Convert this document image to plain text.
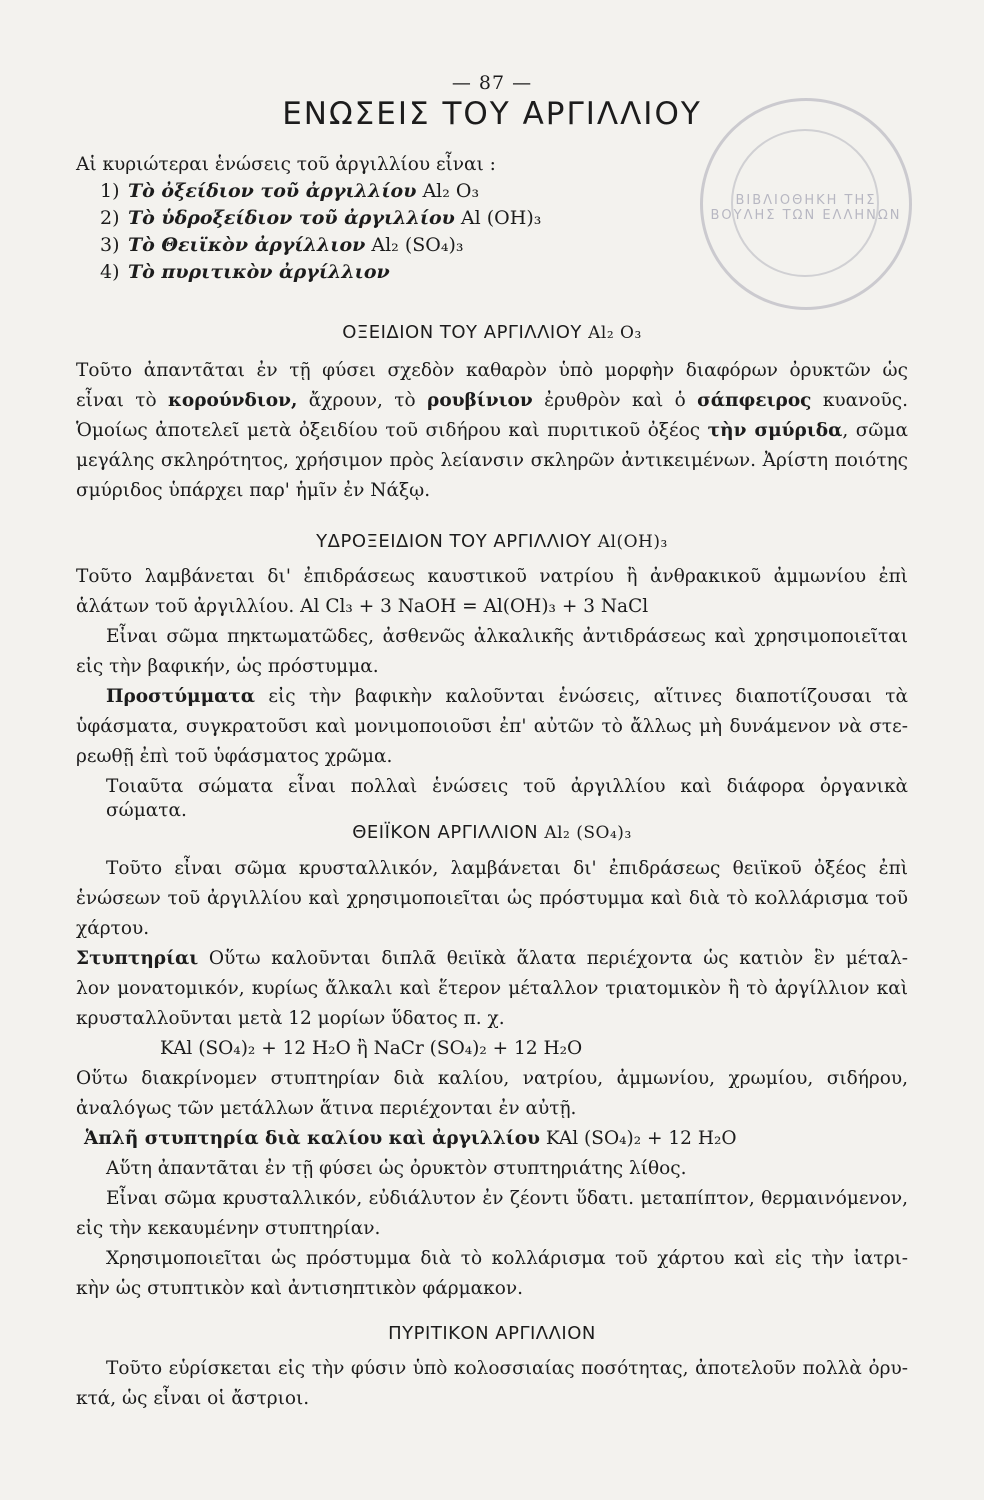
ΒΙΒΛΙΟΘΗΚΗ ΤΗΣ ΒΟΥΛΗΣ ΤΩΝ ΕΛΛΗΝΩΝ
— 87 —
ΕΝΩΣΕΙΣ ΤΟΥ ΑΡΓΙΛΛΙΟΥ
Αἱ κυριώτεραι ἑνώσεις τοῦ ἀργιλλίου εἶναι :
1) Τὸ ὀξείδιον τοῦ ἀργιλλίου Al₂ O₃
2) Τὸ ὑδροξείδιον τοῦ ἀργιλλίου Al (OH)₃
3) Τὸ Θειϊκὸν ἀργίλλιον Al₂ (SO₄)₃
4) Τὸ πυριτικὸν ἀργίλλιον
ΟΞΕΙΔΙΟΝ ΤΟΥ ΑΡΓΙΛΛΙΟΥ Al₂ O₃
Τοῦτο ἀπαντᾶται ἐν τῇ φύσει σχεδὸν καθαρὸν ὑπὸ μορφὴν διαφόρων ὀρυκτῶν ὡς
εἶναι τὸ κορούνδιον, ἄχρουν, τὸ ρουβίνιον ἐρυθρὸν καὶ ὁ σάπφειρος κυανοῦς.
Ὁμοίως ἀποτελεῖ μετὰ ὀξειδίου τοῦ σιδήρου καὶ πυριτικοῦ ὀξέος τὴν σμύριδα, σῶμα
μεγάλης σκληρότητος, χρήσιμον πρὸς λείανσιν σκληρῶν ἀντικειμένων. Ἀρίστη ποιότης
σμύριδος ὑπάρχει παρ' ἡμῖν ἐν Νάξῳ.
ΥΔΡΟΞΕΙΔΙΟΝ ΤΟΥ ΑΡΓΙΛΛΙΟΥ Al(OH)₃
Τοῦτο λαμβάνεται δι' ἐπιδράσεως καυστικοῦ νατρίου ἢ ἀνθρακικοῦ ἀμμωνίου ἐπὶ
ἁλάτων τοῦ ἀργιλλίου. Al Cl₃ + 3 NaOH = Al(OH)₃ + 3 NaCl
Εἶναι σῶμα πηκτωματῶδες, ἀσθενῶς ἀλκαλικῆς ἀντιδράσεως καὶ χρησιμοποιεῖται
εἰς τὴν βαφικήν, ὡς πρόστυμμα.
Προστύμματα εἰς τὴν βαφικὴν καλοῦνται ἑνώσεις, αἵτινες διαποτίζουσαι τὰ
ὑφάσματα, συγκρατοῦσι καὶ μονιμοποιοῦσι ἐπ' αὐτῶν τὸ ἄλλως μὴ δυνάμενον νὰ στε-
ρεωθῇ ἐπὶ τοῦ ὑφάσματος χρῶμα.
Τοιαῦτα σώματα εἶναι πολλαὶ ἑνώσεις τοῦ ἀργιλλίου καὶ διάφορα ὀργανικὰ σώματα.
ΘΕΙΪΚΟΝ ΑΡΓΙΛΛΙΟΝ Al₂ (SO₄)₃
Τοῦτο εἶναι σῶμα κρυσταλλικόν, λαμβάνεται δι' ἐπιδράσεως θειϊκοῦ ὀξέος ἐπὶ
ἑνώσεων τοῦ ἀργιλλίου καὶ χρησιμοποιεῖται ὡς πρόστυμμα καὶ διὰ τὸ κολλάρισμα τοῦ
χάρτου.
Στυπτηρίαι Οὕτω καλοῦνται διπλᾶ θειϊκὰ ἅλατα περιέχοντα ὡς κατιὸν ἓν μέταλ-
λον μονατομικόν, κυρίως ἄλκαλι καὶ ἕτερον μέταλλον τριατομικὸν ἢ τὸ ἀργίλλιον καὶ
κρυσταλλοῦνται μετὰ 12 μορίων ὕδατος π. χ.
KAl (SO₄)₂ + 12 H₂O ἢ NaCr (SO₄)₂ + 12 H₂O
Οὕτω διακρίνομεν στυπτηρίαν διὰ καλίου, νατρίου, ἀμμωνίου, χρωμίου, σιδήρου,
ἀναλόγως τῶν μετάλλων ἅτινα περιέχονται ἐν αὐτῇ.
Ἁπλῆ στυπτηρία διὰ καλίου καὶ ἀργιλλίου KAl (SO₄)₂ + 12 H₂O
Αὕτη ἀπαντᾶται ἐν τῇ φύσει ὡς ὀρυκτὸν στυπτηριάτης λίθος.
Εἶναι σῶμα κρυσταλλικόν, εὐδιάλυτον ἐν ζέοντι ὕδατι. μεταπίπτον, θερμαινόμενον,
εἰς τὴν κεκαυμένην στυπτηρίαν.
Χρησιμοποιεῖται ὡς πρόστυμμα διὰ τὸ κολλάρισμα τοῦ χάρτου καὶ εἰς τὴν ἰατρι-
κὴν ὡς στυπτικὸν καὶ ἀντισηπτικὸν φάρμακον.
ΠΥΡΙΤΙΚΟΝ ΑΡΓΙΛΛΙΟΝ
Τοῦτο εὑρίσκεται εἰς τὴν φύσιν ὑπὸ κολοσσιαίας ποσότητας, ἀποτελοῦν πολλὰ ὀρυ-
κτά, ὡς εἶναι οἱ ἄστριοι.
